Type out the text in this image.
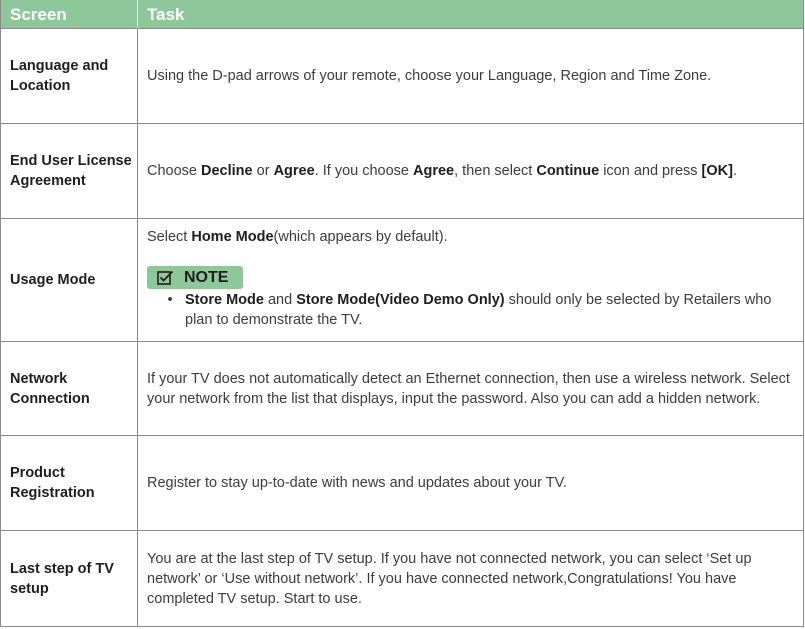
Screen	Task
Language and Location
Using the D-pad arrows of your remote, choose your Language, Region and Time Zone.
End User License Agreement
Choose Decline or Agree. If you choose Agree, then select Continue icon and press [OK].
Usage Mode
Select Home Mode(which appears by default).
NOTE
• Store Mode and Store Mode(Video Demo Only) should only be selected by Retailers who plan to demonstrate the TV.
Network Connection
If your TV does not automatically detect an Ethernet connection, then use a wireless network. Select your network from the list that displays, input the password. Also you can add a hidden network.
Product Registration
Register to stay up-to-date with news and updates about your TV.
Last step of TV setup
You are at the last step of TV setup. If you have not connected network, you can select ‘Set up network’ or ‘Use without network’. If you have connected network,Congratulations! You have completed TV setup. Start to use.
